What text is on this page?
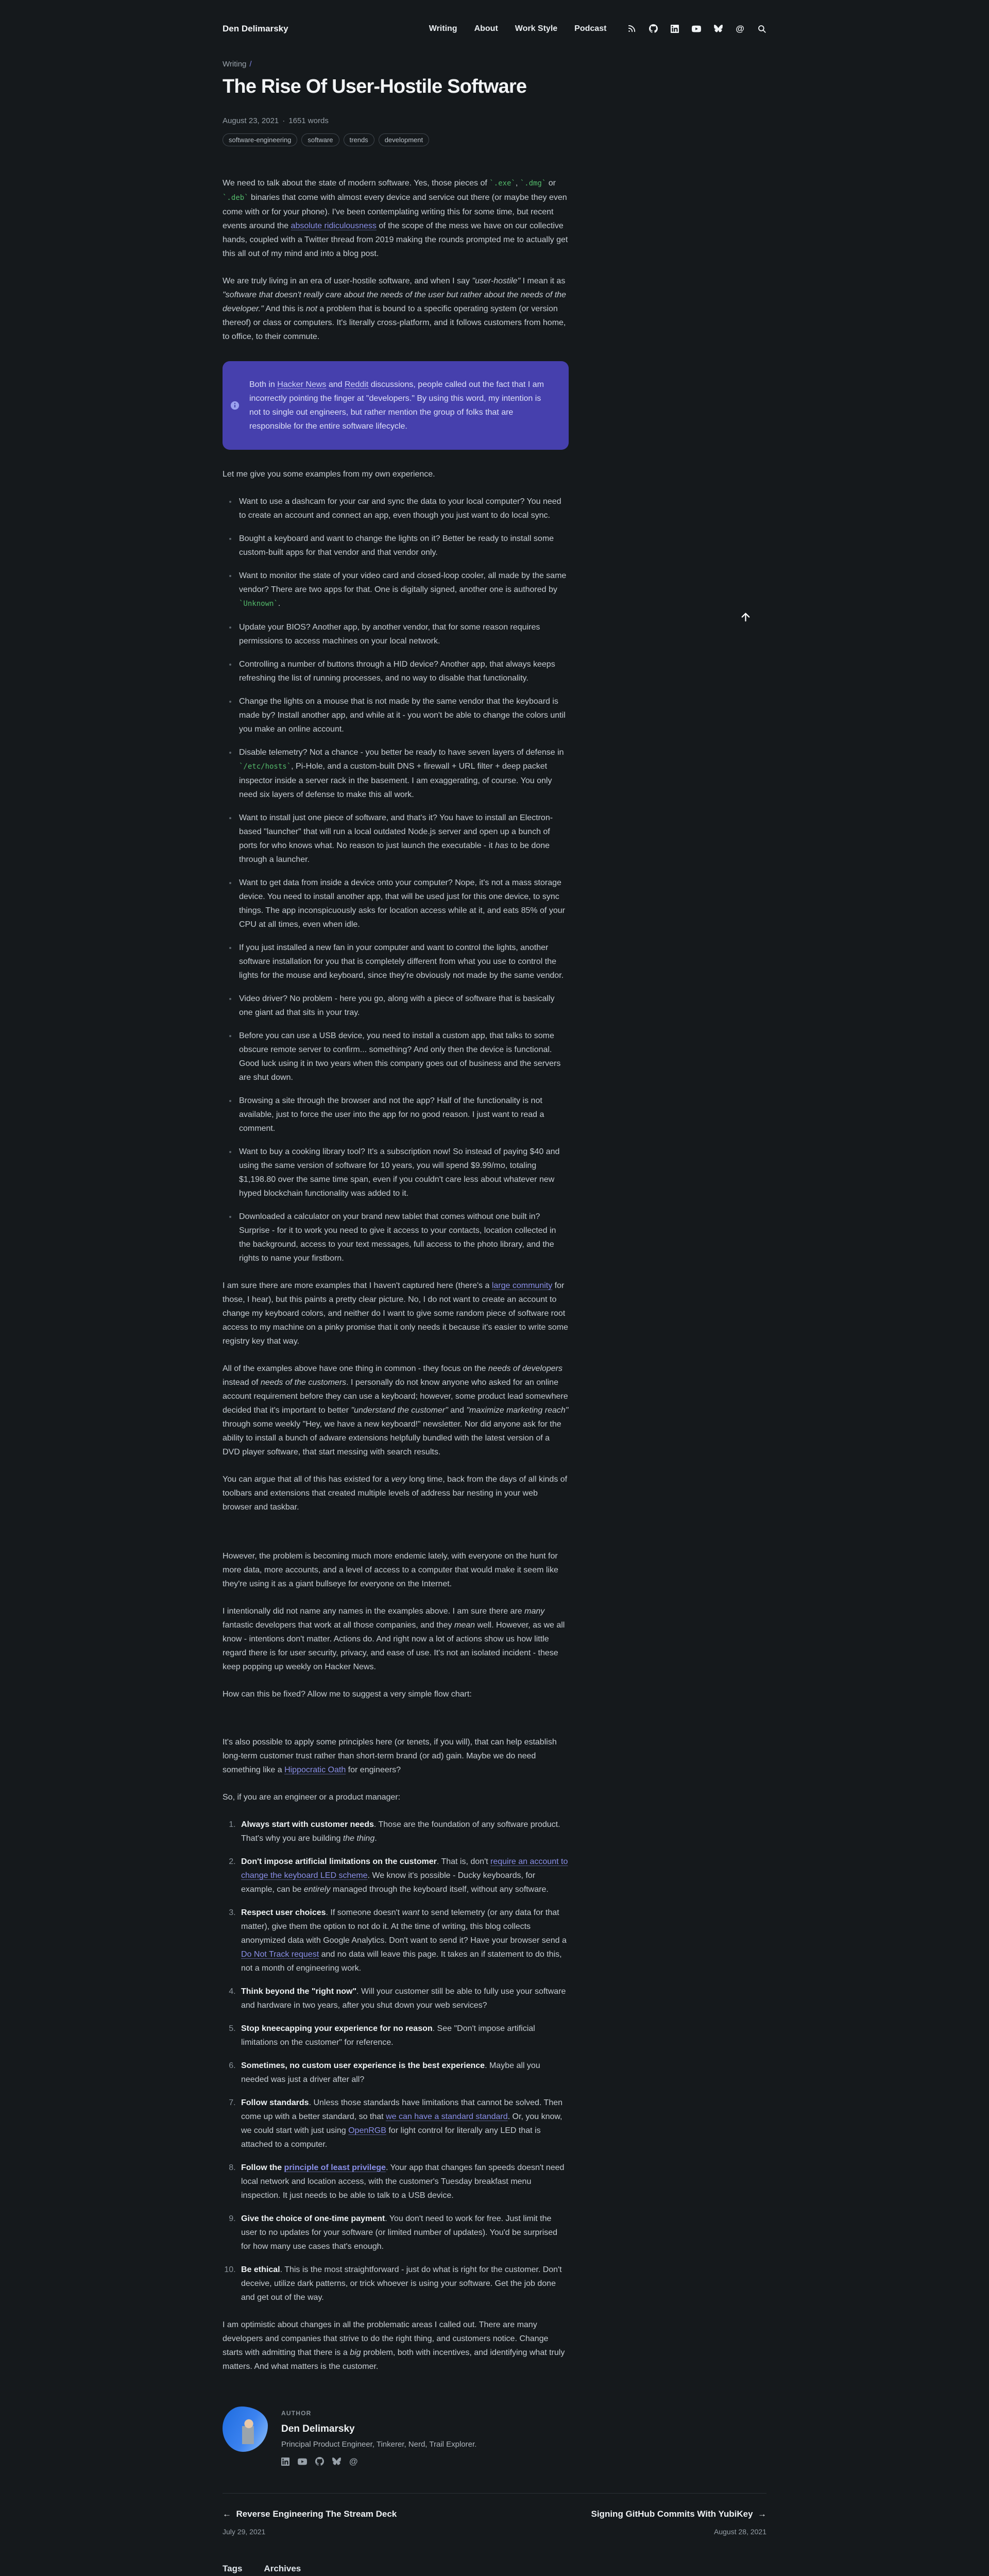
Den Delimarsky	Writing About Work Style Podcast	@
Writing /
The Rise Of User-Hostile Software
August 23, 2021 · 1651 words
software-engineering	software	trends	development

We need to talk about the state of modern software. Yes, those pieces of `.exe`, `.dmg` or `.deb` binaries that come with almost every device and service out there (or maybe they even come with or for your phone). I've been contemplating writing this for some time, but recent events around the absolute ridiculousness of the scope of the mess we have on our collective hands, coupled with a Twitter thread from 2019 making the rounds prompted me to actually get this all out of my mind and into a blog post.

We are truly living in an era of user-hostile software, and when I say "user-hostile" I mean it as "software that doesn't really care about the needs of the user but rather about the needs of the developer." And this is not a problem that is bound to a specific operating system (or version thereof) or class or computers. It's literally cross-platform, and it follows customers from home, to office, to their commute.

Both in Hacker News and Reddit discussions, people called out the fact that I am incorrectly pointing the finger at "developers." By using this word, my intention is not to single out engineers, but rather mention the group of folks that are responsible for the entire software lifecycle.

Let me give you some examples from my own experience.

• Want to use a dashcam for your car and sync the data to your local computer? You need to create an account and connect an app, even though you just want to do local sync.
• Bought a keyboard and want to change the lights on it? Better be ready to install some custom-built apps for that vendor and that vendor only.
• Want to monitor the state of your video card and closed-loop cooler, all made by the same vendor? There are two apps for that. One is digitally signed, another one is authored by `Unknown`.
• Update your BIOS? Another app, by another vendor, that for some reason requires permissions to access machines on your local network.
• Controlling a number of buttons through a HID device? Another app, that always keeps refreshing the list of running processes, and no way to disable that functionality.
• Change the lights on a mouse that is not made by the same vendor that the keyboard is made by? Install another app, and while at it - you won't be able to change the colors until you make an online account.
• Disable telemetry? Not a chance - you better be ready to have seven layers of defense in `/etc/hosts`, Pi-Hole, and a custom-built DNS + firewall + URL filter + deep packet inspector inside a server rack in the basement. I am exaggerating, of course. You only need six layers of defense to make this all work.
• Want to install just one piece of software, and that's it? You have to install an Electron-based "launcher" that will run a local outdated Node.js server and open up a bunch of ports for who knows what. No reason to just launch the executable - it has to be done through a launcher.
• Want to get data from inside a device onto your computer? Nope, it's not a mass storage device. You need to install another app, that will be used just for this one device, to sync things. The app inconspicuously asks for location access while at it, and eats 85% of your CPU at all times, even when idle.
• If you just installed a new fan in your computer and want to control the lights, another software installation for you that is completely different from what you use to control the lights for the mouse and keyboard, since they're obviously not made by the same vendor.
• Video driver? No problem - here you go, along with a piece of software that is basically one giant ad that sits in your tray.
• Before you can use a USB device, you need to install a custom app, that talks to some obscure remote server to confirm... something? And only then the device is functional. Good luck using it in two years when this company goes out of business and the servers are shut down.
• Browsing a site through the browser and not the app? Half of the functionality is not available, just to force the user into the app for no good reason. I just want to read a comment.
• Want to buy a cooking library tool? It's a subscription now! So instead of paying $40 and using the same version of software for 10 years, you will spend $9.99/mo, totaling $1,198.80 over the same time span, even if you couldn't care less about whatever new hyped blockchain functionality was added to it.
• Downloaded a calculator on your brand new tablet that comes without one built in? Surprise - for it to work you need to give it access to your contacts, location collected in the background, access to your text messages, full access to the photo library, and the rights to name your firstborn.

I am sure there are more examples that I haven't captured here (there's a large community for those, I hear), but this paints a pretty clear picture. No, I do not want to create an account to change my keyboard colors, and neither do I want to give some random piece of software root access to my machine on a pinky promise that it only needs it because it's easier to write some registry key that way.

All of the examples above have one thing in common - they focus on the needs of developers instead of needs of the customers. I personally do not know anyone who asked for an online account requirement before they can use a keyboard; however, some product lead somewhere decided that it's important to better "understand the customer" and "maximize marketing reach" through some weekly "Hey, we have a new keyboard!" newsletter. Nor did anyone ask for the ability to install a bunch of adware extensions helpfully bundled with the latest version of a DVD player software, that start messing with search results.

You can argue that all of this has existed for a very long time, back from the days of all kinds of toolbars and extensions that created multiple levels of address bar nesting in your web browser and taskbar.

However, the problem is becoming much more endemic lately, with everyone on the hunt for more data, more accounts, and a level of access to a computer that would make it seem like they're using it as a giant bullseye for everyone on the Internet.

I intentionally did not name any names in the examples above. I am sure there are many fantastic developers that work at all those companies, and they mean well. However, as we all know - intentions don't matter. Actions do. And right now a lot of actions show us how little regard there is for user security, privacy, and ease of use. It's not an isolated incident - these keep popping up weekly on Hacker News.

How can this be fixed? Allow me to suggest a very simple flow chart:

It's also possible to apply some principles here (or tenets, if you will), that can help establish long-term customer trust rather than short-term brand (or ad) gain. Maybe we do need something like a Hippocratic Oath for engineers?

So, if you are an engineer or a product manager:

1. Always start with customer needs. Those are the foundation of any software product. That's why you are building the thing.
2. Don't impose artificial limitations on the customer. That is, don't require an account to change the keyboard LED scheme. We know it's possible - Ducky keyboards, for example, can be entirely managed through the keyboard itself, without any software.
3. Respect user choices. If someone doesn't want to send telemetry (or any data for that matter), give them the option to not do it. At the time of writing, this blog collects anonymized data with Google Analytics. Don't want to send it? Have your browser send a Do Not Track request and no data will leave this page. It takes an if statement to do this, not a month of engineering work.
4. Think beyond the "right now". Will your customer still be able to fully use your software and hardware in two years, after you shut down your web services?
5. Stop kneecapping your experience for no reason. See "Don't impose artificial limitations on the customer" for reference.
6. Sometimes, no custom user experience is the best experience. Maybe all you needed was just a driver after all?
7. Follow standards. Unless those standards have limitations that cannot be solved. Then come up with a better standard, so that we can have a standard standard. Or, you know, we could start with just using OpenRGB for light control for literally any LED that is attached to a computer.
8. Follow the principle of least privilege. Your app that changes fan speeds doesn't need local network and location access, with the customer's Tuesday breakfast menu inspection. It just needs to be able to talk to a USB device.
9. Give the choice of one-time payment. You don't need to work for free. Just limit the user to no updates for your software (or limited number of updates). You'd be surprised for how many use cases that's enough.
10. Be ethical. This is the most straightforward - just do what is right for the customer. Don't deceive, utilize dark patterns, or trick whoever is using your software. Get the job done and get out of the way.

I am optimistic about changes in all the problematic areas I called out. There are many developers and companies that strive to do the right thing, and customers notice. Change starts with admitting that there is a big problem, both with incentives, and identifying what truly matters. And what matters is the customer.

AUTHOR
Den Delimarsky
Principal Product Engineer, Tinkerer, Nerd, Trail Explorer.
@
← Reverse Engineering The Stream Deck
July 29, 2021
Signing GitHub Commits With YubiKey →
August 28, 2021
Tags Archives
